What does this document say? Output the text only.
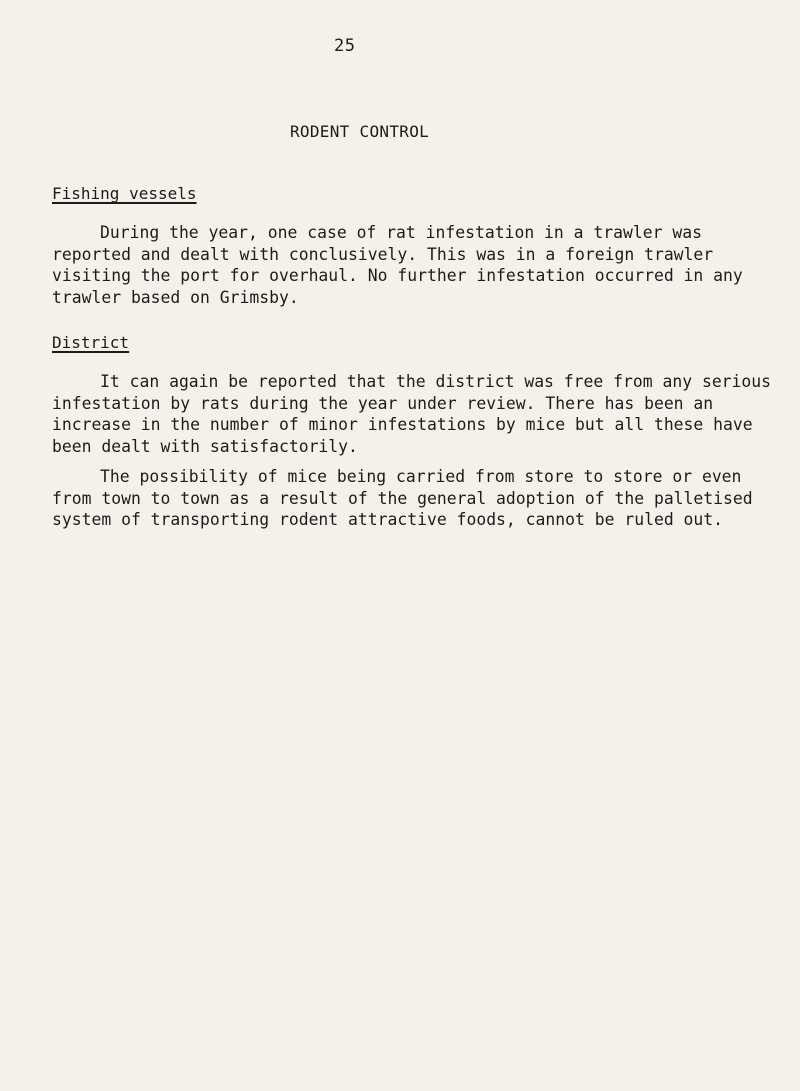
25
RODENT CONTROL
Fishing vessels
During the year, one case of rat infestation in a trawler was
reported and dealt with conclusively. This was in a foreign trawler
visiting the port for overhaul. No further infestation occurred in any
trawler based on Grimsby.
District
It can again be reported that the district was free from any serious
infestation by rats during the year under review. There has been an
increase in the number of minor infestations by mice but all these have
been dealt with satisfactorily.
The possibility of mice being carried from store to store or even
from town to town as a result of the general adoption of the palletised
system of transporting rodent attractive foods, cannot be ruled out.
